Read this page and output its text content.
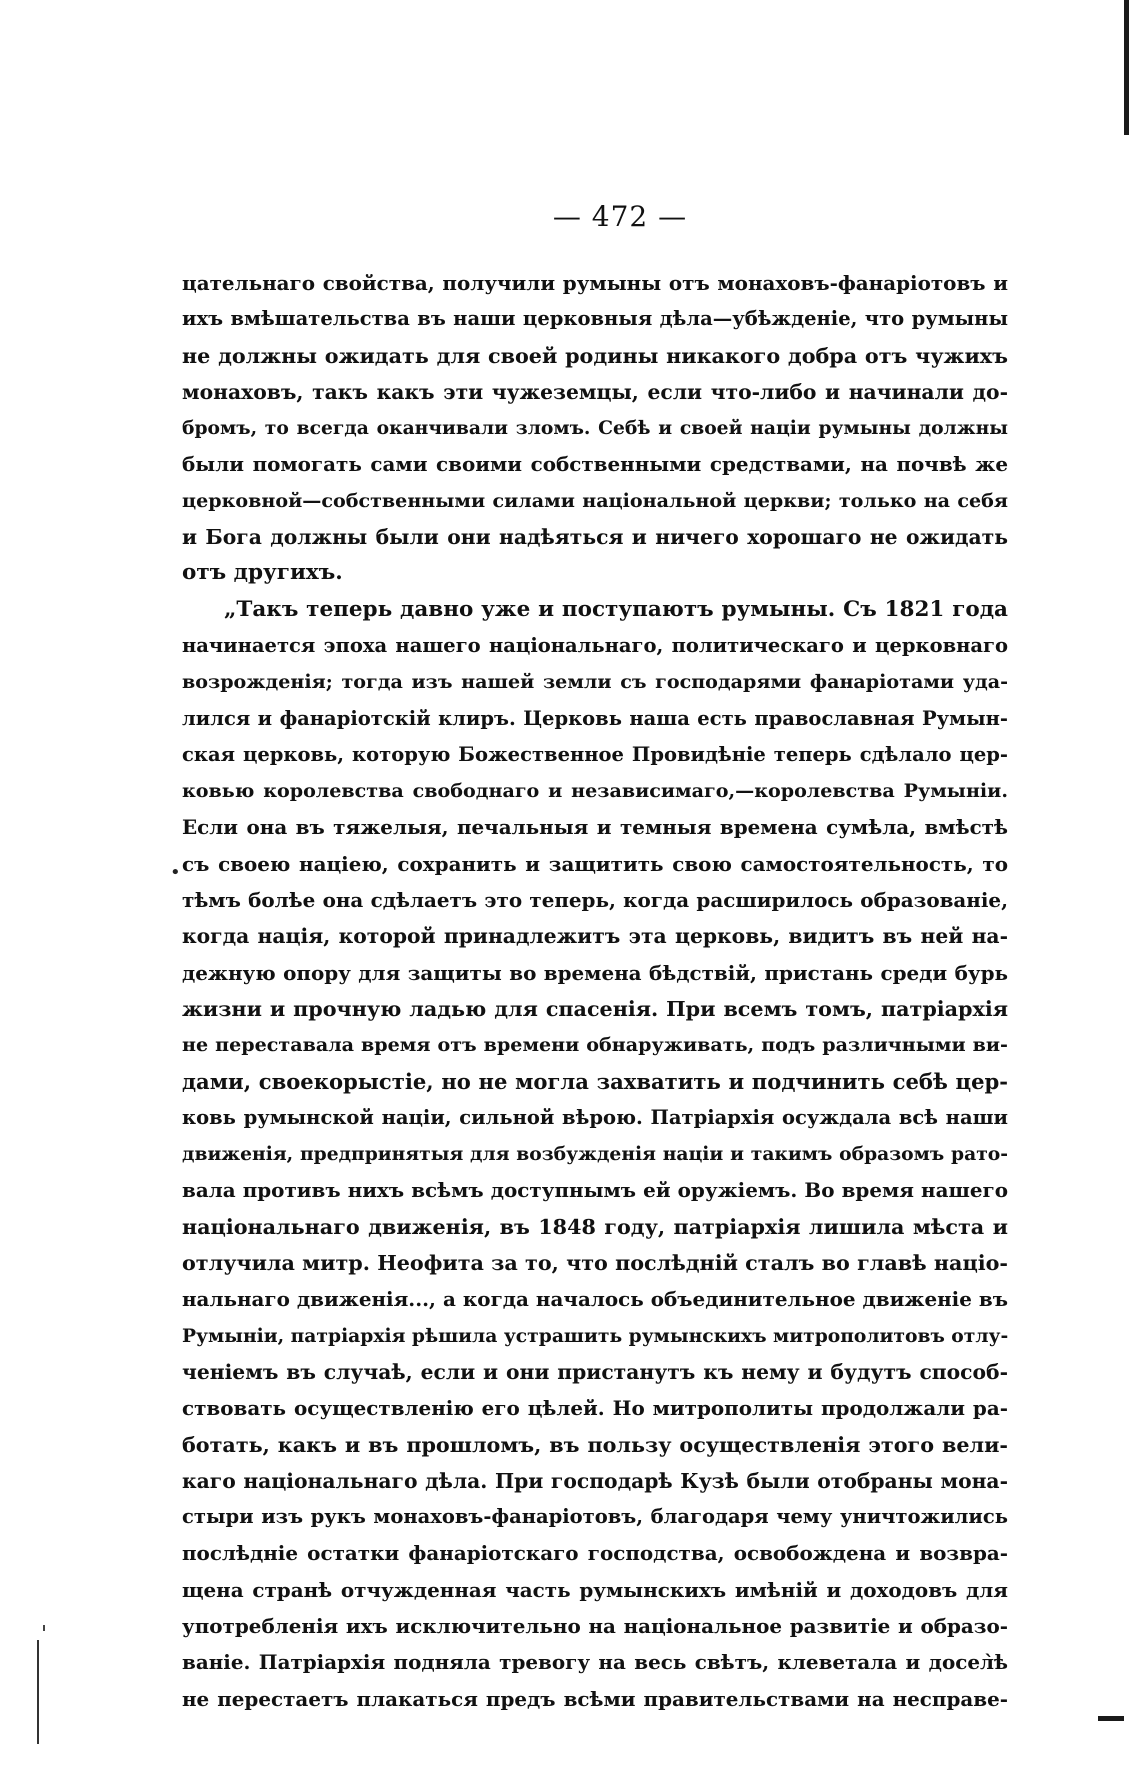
— 472 —
•
цательнаго свойства, получили румыны отъ монаховъ-фанаріотовъ и
ихъ вмѣшательства въ наши церковныя дѣла—убѣжденіе, что румыны
не должны ожидать для своей родины никакого добра отъ чужихъ
монаховъ, такъ какъ эти чужеземцы, если что-либо и начинали до-
бромъ, то всегда оканчивали зломъ. Себѣ и своей націи румыны должны
были помогать сами своими собственными средствами, на почвѣ же
церковной—собственными силами національной церкви; только на себя
и Бога должны были они надѣяться и ничего хорошаго не ожидать
отъ другихъ.
„Такъ теперь давно уже и поступаютъ румыны. Съ 1821 года
начинается эпоха нашего національнаго, политическаго и церковнаго
возрожденія; тогда изъ нашей земли съ господарями фанаріотами уда-
лился и фанаріотскій клиръ. Церковь наша есть православная Румын-
ская церковь, которую Божественное Провидѣніе теперь сдѣлало цер-
ковью королевства свободнаго и независимаго,—королевства Румыніи.
Если она въ тяжелыя, печальныя и темныя времена сумѣла, вмѣстѣ
съ своею націею, сохранить и защитить свою самостоятельность, то
тѣмъ болѣе она сдѣлаетъ это теперь, когда расширилось образованіе,
когда нація, которой принадлежитъ эта церковь, видитъ въ ней на-
дежную опору для защиты во времена бѣдствій, пристань среди бурь
жизни и прочную ладью для спасенія. При всемъ томъ, патріархія
не переставала время отъ времени обнаруживать, подъ различными ви-
дами, своекорыстіе, но не могла захватить и подчинить себѣ цер-
ковь румынской націи, сильной вѣрою. Патріархія осуждала всѣ наши
движенія, предпринятыя для возбужденія націи и такимъ образомъ рато-
вала противъ нихъ всѣмъ доступнымъ ей оружіемъ. Во время нашего
національнаго движенія, въ 1848 году, патріархія лишила мѣста и
отлучила митр. Неофита за то, что послѣдній сталъ во главѣ націо-
нальнаго движенія..., а когда началось объединительное движеніе въ
Румыніи, патріархія рѣшила устрашить румынскихъ митрополитовъ отлу-
ченіемъ въ случаѣ, если и они пристанутъ къ нему и будутъ способ-
ствовать осуществленію его цѣлей. Но митрополиты продолжали ра-
ботать, какъ и въ прошломъ, въ пользу осуществленія этого вели-
каго національнаго дѣла. При господарѣ Кузѣ были отобраны мона-
стыри изъ рукъ монаховъ-фанаріотовъ, благодаря чему уничтожились
послѣдніе остатки фанаріотскаго господства, освобождена и возвра-
щена странѣ отчужденная часть румынскихъ имѣній и доходовъ для
употребленія ихъ исключительно на національное развитіе и образо-
ваніе. Патріархія подняла тревогу на весь свѣтъ, клеветала и досел̀ѣ
не перестаетъ плакаться предъ всѣми правительствами на несправе-
